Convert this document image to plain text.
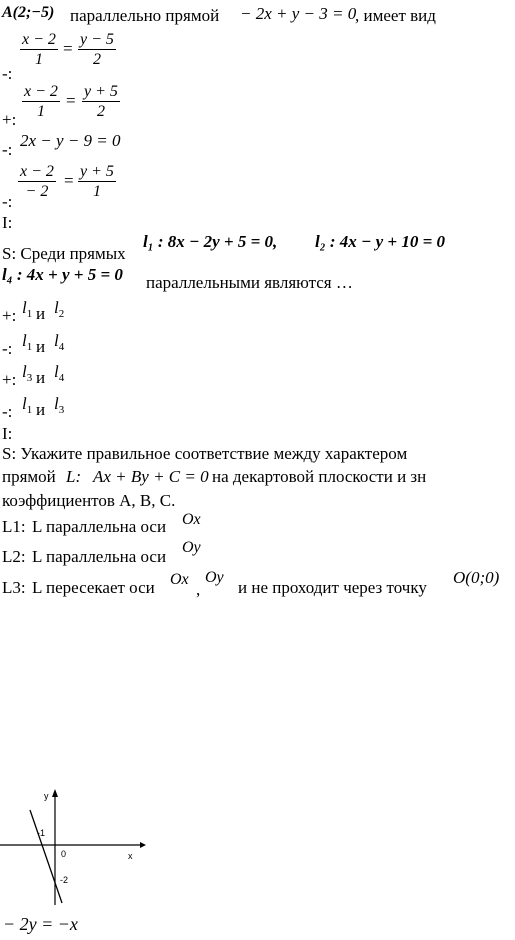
A(2;−5) параллельно прямой − 2x + y − 3 = 0
, имеет вид
-:
$\frac{x - 2}{1} = \frac{y - 5}{2}$
+: $\frac{x - 2}{1} = \frac{y + 5}{2}$
-: 2x − y − 9 = 0
-:
$\frac{x - 2}{- 2} = \frac{y + 5}{1}$
I:
S: Среди прямых
l₁ : 8x − 2y + 5 = 0, l₂ : 4x − y + 10 = 0
l₄ : 4x + y + 5 = 0 параллельными являются …
+: $l_1$ и $l_2$
-: $l_1$ и $l_4$
+: $l_3$ и $l_4$
-: $l_1$ и $l_3$
I:
S: Укажите правильное соответствие между характером
прямой L: Ax + By + C = 0 на декартовой плоскости и зн
коэффициентов A, B, C.
L1: L параллельна оси Ox
L2: L параллельна оси Oy
L3: L пересекает оси Ox
,
Oy
и не проходит через точку
O(0;0)
y
x
0
-1
-2
− 2y = −x
